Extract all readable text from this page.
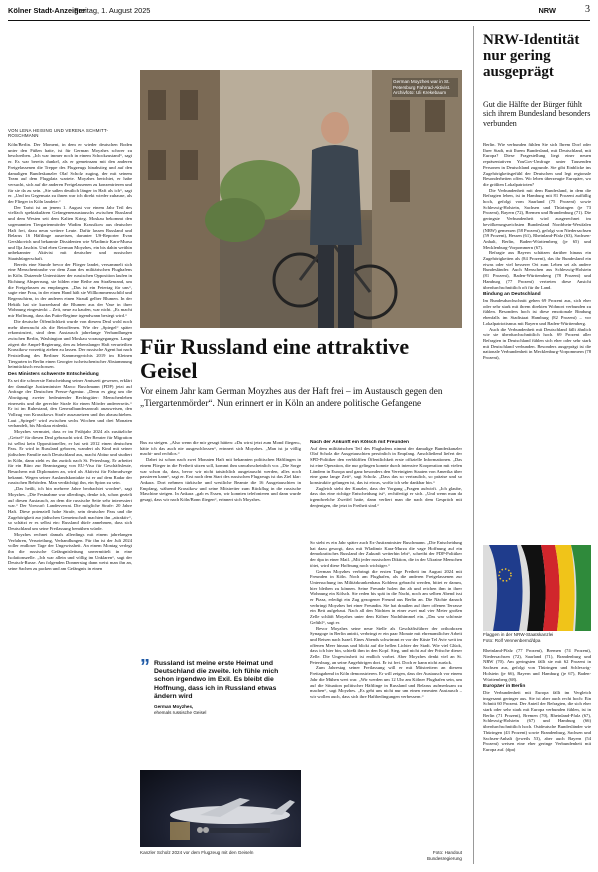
Kölner Stadt-Anzeiger
Freitag, 1. August 2025	NRW	3
VON LENA HEISING UND VERENA SCHMITT-ROSCHMANN

Köln/Berlin. Der Moment, in dem er wieder deutschen Boden unter den Füßen hatte, ist für German Moyzhes schwer zu beschreiben. „Ich war immer noch in einem Schockzustand“, sagt er. Es war bereits dunkel, als er gemeinsam mit den anderen Freigelassenen die Treppe des Flugzeugs hinabstieg und auf den damaligen Bundeskanzler Olaf Scholz zuging, der mit seinem Team auf dem Flugplatz wartete. Moyzhes berichtet, er habe versucht, sich auf die anderen Freigelassenen zu konzentrieren und für sie da zu sein. „Sie saßen deutlich länger in Haft als ich“, sagt er. „Und im Gegensatz zu ihnen war ich direkt wieder zuhause, als der Flieger in Köln landete.“

Der Tarist ist an jenem 1. August vor einem Jahr Teil des vielfach spektakulären Gefangenenaustauschs zwischen Russland und dem Westen seit dem Kalten Krieg. Moskau bekommt den sogenannten Tiergartenmörder Wadim Krassikow aus deutscher Haft frei, dazu neun weitere Leute. Dafür lassen Russland und Belarus 16 Häftlinge ausreisen, darunter US-Reporter Evan Gershkovich und bekannte Dissidenten wie Wladimir Kara-Mursa und Ilja Jaschin. Und eben German Moyzhes, ein bis dahin weithin unbekannter Aktivist mit deutscher und russischer Staatsbürgerschaft.

Bereits eine Stunde bevor der Flieger landet, versammelt sich eine Menschentraube vor dem Zaun des militärischen Flughafens in Köln. Dutzende Unterstützer der russischen Opposition laufen in Richtung Absperrung, sie bilden eine Reihe am Straßenrand, um die Freigelassen zu empfangen. „Das ist ein Feiertag für uns“, sagte eine Frau, in der einen Hand hält sie Willkommensschild und Regenschirm, in der anderen einen Strauß gelber Blumen. In der Hektik hat sie kurzerhand die Blumen aus der Vase in ihrer Wohnung eingesteckt – Zeit, neue zu kaufen, war nicht. „Es macht mir Hoffnung, dass das Putin-Regime irgendwann besiegt wird.“

Die deutsche Öffentlichkeit wurde von diesem Deal wohl noch mehr überrascht als die Betroffenen. Wie der „Spiegel“ später rekonstruiert, sind dem Austausch jahrelange Verhandlungen zwischen Berlin, Washington und Moskau vorausgegangen. Lange zögert die Ampel-Regierung, den zu lebenslanger Haft verurteilten Krassikow vorzeitig ziehen zu lassen. Der russische Agent hat nach Feststellung des Berliner Kammergerichts 2019 im Kleinen Tiergarten in Berlin einen Georgier tschetschenischer Abstammung heimtückisch erschossen.

Des Ministers schwerste Entscheidung

Es sei die schwerste Entscheidung seiner Amtszeit gewesen, erklärt der damalige Justizminister Marco Buschmann (FDP) jetzt auf Anfrage der Deutschen Presse-Agentur. „Denn es ging um die Abwägung zweier bedeutender Rechtsgüter: Menschenleben einerseits und die gerechte Strafe für einen Mörder andererseits.“ Er ist im Ruhestand, den Generalbundesanwalt anzuweisen, den Vollzug von Krassikows Strafe auszusetzen und ihn abzuschieben. Laut „Spiegel“ wird zwischen sechs Wochen und drei Monaten verhandelt, bis Moskau einlenkt.

Moyzhes vermutet, dass er im Frühjahr 2024 als zusätzliche „Geisel“ für diesen Deal gebraucht wird. Der Berater für Migration ist selbst kein Oppositioneller, er hat seit 2012 einen deutschen Pass. Er wird in Russland geboren, wandert als Kind mit seiner jüdischen Familie nach Deutschland aus, macht Abitur und studiert in Köln, dann zieht es ihn zurück nach St. Petersburg. Er arbeitet für ein Büro zur Beantragung von EU-Visa für Geschäftsleute, Besuchern mit Diplomaten an, wird als Aktivist für Fahrradwege bekannt. Wegen seiner Auslandskontakte ist er auf dem Radar der russischen Behörden. Man verdächtigt ihn, ein Spion zu sein.

„Das heißt, ich bin mehrere Jahre beobachtet worden“, sagt Moyzhes. „Die Festnahme war allerdings, denke ich, schon gezielt auf diesen Austausch, an dem die russische Seite sehr interessiert war.“ Der Vorwurf: Landesverrat. Die mögliche Strafe: 20 Jahre Haft. Diese potenziell hohe Strafe, sein deutscher Pass und die Zugehörigkeit zur jüdischen Gemeinschaft machten ihn „attraktiv“, so schätzt er es selbst ein: Russland dürfe annehmen, dass sich Deutschland um seine Freilassung bemühen würde.

Moyzhes rechnet damals allerdings mit einem jahrelangen Verfahren, Verurteilung, Verhandlungen. Für ihn ist der Juli 2024 voller endloser Tage der Ungewissheit. An einem Montag verlegt ihn die russische Gefängnisleitung unvermittelt in eine Isolationszelle. „Ich war allein und völlig im Unklaren“, sagt der Deutsch-Russe. Am folgenden Donnerstag dann weist man ihn an, seine Sachen zu packen und am Gefängnis in einen

German Moyzhes war in St. Petersburg Fahrrad-Aktivist. Archivfoto: Uli Krekebaum
Für Russland eine attraktive Geisel
Vor einem Jahr kam German Moyzhes aus der Haft frei – im Austausch gegen den „Tiergartenmörder“. Nun erinnert er in Köln an andere politische Gefangene

Bus zu steigen. „Also wenn die mir gesagt hätten: «Du wirst jetzt zum Mond fliegen», hätte ich das auch nie ausgeschlossen“, erinnert sich Moyzhes. „Man ist ja völlig macht- und rechtlos.“

Dabei ist schon nach zwei Monaten Haft mit bekannten politischen Häftlingen in einem Flieger in die Freiheit sitzen soll, kommt ihm unwahrscheinlich vor. „Die Sorge war schon da, dass, bevor wir nicht tatsächlich ausgetauscht werden, alles noch passieren kann“, sagt er. Erst nach dem Start des russischen Flugzeugs ist das Ziel klar: Ankara. Dort nehmen türkische und westliche Beamte die 16 Ausgetauschten in Empfang, während Krassikow und seine Mitstreiter zum Rückflug in die russische Maschine steigen. In Ankara „gab es Essen, wir konnten telefonieren und dann wurde gesagt, dass wir nach Köln/Bonn fliegen“, erinnert sich Moyzhes.

” Russland ist meine erste Heimat und Deutschland die zweite. Ich fühle mich schon irgendwo im Exil. Es bleibt die Hoffnung, dass ich in Russland etwas ändern wird
German Moyzhes,
ehemals russische Geisel
Nach der Ankunft ein Kölsch mit Freunden

Auf dem militärischen Teil des Flughafens nimmt der damalige Bundeskanzler Olaf Scholz die Ausgetauschten persönlich in Empfang. Anschließend liefert der SPD-Politiker den verblüfften Öffentlichkeit erste offizielle Informationen. „Das ist eine Operation, die nur gelingen konnte durch intensive Kooperation mit vielen Ländern in Europa und ganz besonders den Vereinigten Staaten von Amerika über eine ganz lange Zeit“, sagt Scholz. „Dass das so vertraulich, so präzise und so konstruktiv gelungen ist, das ist etwas, wofür ich sehr dankbar bin.“

Zugleich steht der Kanzler, dass der Vorgang „Fragen aufwirft. „Ich glaube, dass das eine richtige Entscheidung ist“, rechtfertigt er sich. „Und wenn man da irgendwelche Zweifel hatte, dann verliert man die nach dem Gespräch mit denjenigen, die jetzt in Freiheit sind.“

So sieht es ein Jahr später auch Ex-Justizminister Buschmann. „Die Entscheidung hat dazu gesorgt, dass mit Wladimir Kara-Murza die vage Hoffnung auf ein demokratisches Russland der Zukunft weiterhin lebt“, schreibt der FDP-Politiker der dpa in einer Mail. „Mit jeder russischen Diktion, die in der Ukraine Menschen tötet, wird diese Hoffnung noch wichtiger.“

German Moyzhes verbringt die ersten Tage Freiheit im August 2024 mit Freunden in Köln. Noch am Flughafen, als die anderen Freigelassenen zur Untersuchung ins Militärkrankenhaus Koblenz gebracht werden, bittet er darum, hier bleiben zu können. Seine Freunde holen ihn ab und reichen ihm in ihrer Wohnung ein Kölsch. Sie reden bis spät in die Nacht, noch am selben Abend isst er Pizza, erledigt ein Zug gezogener Freund aus Berlin an. Die Nächte danach verbringt Moyzhes bei einer Freundin. Sie hat draußen auf ihrer offenen Terrasse ein Bett aufgebaut. Nach all den Nächten in einer zwei mal vier Meter großen Zelle schläft Moyzhes unter dem Kölner Nachthimmel ein. „Das war schönste Gefühl“, sagt er.

Bevor Moyzhes seine neue Stelle als Geschäftsführer der orthodoxen Synagoge in Berlin antritt, verbringt er ein paar Monate mit ehrenamtlicher Arbeit und Reisen nach Israel. Eines Abends schwimmt er vor der Küste Tel Aviv weit im offenen Meer hinaus und blickt auf die hellen Lichter der Stadt. Wie viel Glück, dass ich hier bin, schießt ihm in den Kopf. Sieg, und nicht auf der Pritsche dieser Zelle. Die Ungewissheit ist endlich vorbei. Aber Moyzhes denkt viel an St. Petersburg, an seine Angehörigen dort. Er ist frei. Doch er kann nicht zurück.

Zum Jahrestag seiner Freilassung will er mit Mitstreitern an diesem Freitagabend in Köln demonstrieren. Er will zeigen, dass der Austausch vor einem Jahr die Mühen wert war. „Wir werden um 12 Uhr am Kölner Flughafen sein, um auf die Situation politischer Häftlinge in Russland und Belarus aufmerksam zu machen“, sagt Moyzhes. „Es geht uns nicht nur um einen erneuten Austausch – wir wollen auch, dass sich ihre Haftbedingungen verbessern.“

Kanzler Scholz 2024 vor dem Flugzeug mit den Geiseln	Foto: Handout Bundesregierung
NRW-Identität nur gering ausgeprägt
Gut die Hälfte der Bürger fühlt sich ihrem Bundesland besonders verbunden

Berlin. Wie verbunden fühlen Sie sich Ihrem Dorf oder Ihrer Stadt, mit Ihrem Bundesland, mit Deutschland, mit Europa? Diese Fragestellung liegt einer neuen repräsentativen YouGov-Umfrage unter Tausenden Personen in Deutschland zugrunde. Sie gibt Einblicke ins Zugehörigkeitsgefühl der Deutschen und legt regionale Besonderheiten offen. Wo leben überzeugte Europäer, wo die größten Lokalpatrioten?

Die Verbundenheit mit dem Bundesland, in dem die Befragten leben, ist in Hamburg mit 81 Prozent auffällig hoch, gefolgt vom Saarland (75 Prozent) sowie Schleswig-Holstein, Sachsen und Thüringen (je 73 Prozent), Bayern (72), Bremen und Brandenburg (71). Die geringste Verbundenheit wird ausgerechnet im bevölkerungsreichsten Bundesland Nordrhein-Westfalen (NRW) gemessen (58 Prozent), gefolgt von Niedersachsen (59 Prozent), Hessen (61), Rheinland-Pfalz (63), Sachsen-Anhalt, Berlin, Baden-Württemberg (je 65) und Mecklenburg-Vorpommern (67).

Befragte aus Bayern schätzen darüber hinaus ein Zugehörigkeiten als (84 Prozent), das ihr Bundesland ein etwas oder viel besserer Ort zum Leben sei als andere Bundesländer. Auch Menschen aus Schleswig-Holstein (81 Prozent), Baden-Württemberg (78 Prozent) und Hamburg (77 Prozent) vertreten diese Ansicht überdurchschnittlich oft für ihr Land.

Bindung an Deutschland

Im Bundesdurchschnitt gehen 69 Prozent aus, sich eher oder sehr stark mit ihrem direkten Wohnort verbunden zu fühlen. Besonders hoch ist diese emotionale Bindung ebenfalls im Stadtstaat Hamburg (82 Prozent) – vor Lokalpatriotismus mit Bayern und Baden-Württemberg.

Auch die Verbundenheit mit Deutschland fällt ähnlich wie sie überdurchschnittlich hoch. 69 Prozent aller Befragten in Deutschland fühlen sich eher oder sehr stark mit Deutschland verbunden. Besonders ausgeprägt ist die nationale Verbundenheit in Mecklenburg-Vorpommern (78 Prozent),

Flaggen in der NRW-Staatskanzlei
Foto: Rolf Vennenbernd/dpa

Rheinland-Pfalz (77 Prozent), Bremen (74 Prozent), Niedersachsen (72), Saarland (71), Brandenburg und NRW (70). Am geringsten fällt sie mit 62 Prozent in Sachsen aus, gefolgt von Thüringen und Schleswig-Holstein (je 66), Bayern und Hamburg (je 67), Baden-Württemberg (68).

Europäer in Berlin

Die Verbundenheit mit Europa fällt im Vergleich insgesamt geringer aus. Sie ist aber auch recht hoch: Ein Schnitt 60 Prozent. Der Anteil der Befragten, die sich eher stark oder sehr stark mit Europa verbunden fühlen, ist in Berlin (71 Prozent), Bremen (70), Rheinland-Pfalz (67), Schleswig-Holstein (67) und Hamburg (66) überdurchschnittlich hoch. Ostdeutsche Bundesländer wie Thüringen (43 Prozent) sowie Brandenburg, Sachsen und Sachsen-Anhalt (jeweils 53), aber auch Bayern (54 Prozent) weisen eine eher geringe Verbundenheit mit Europa auf. (dpa)
